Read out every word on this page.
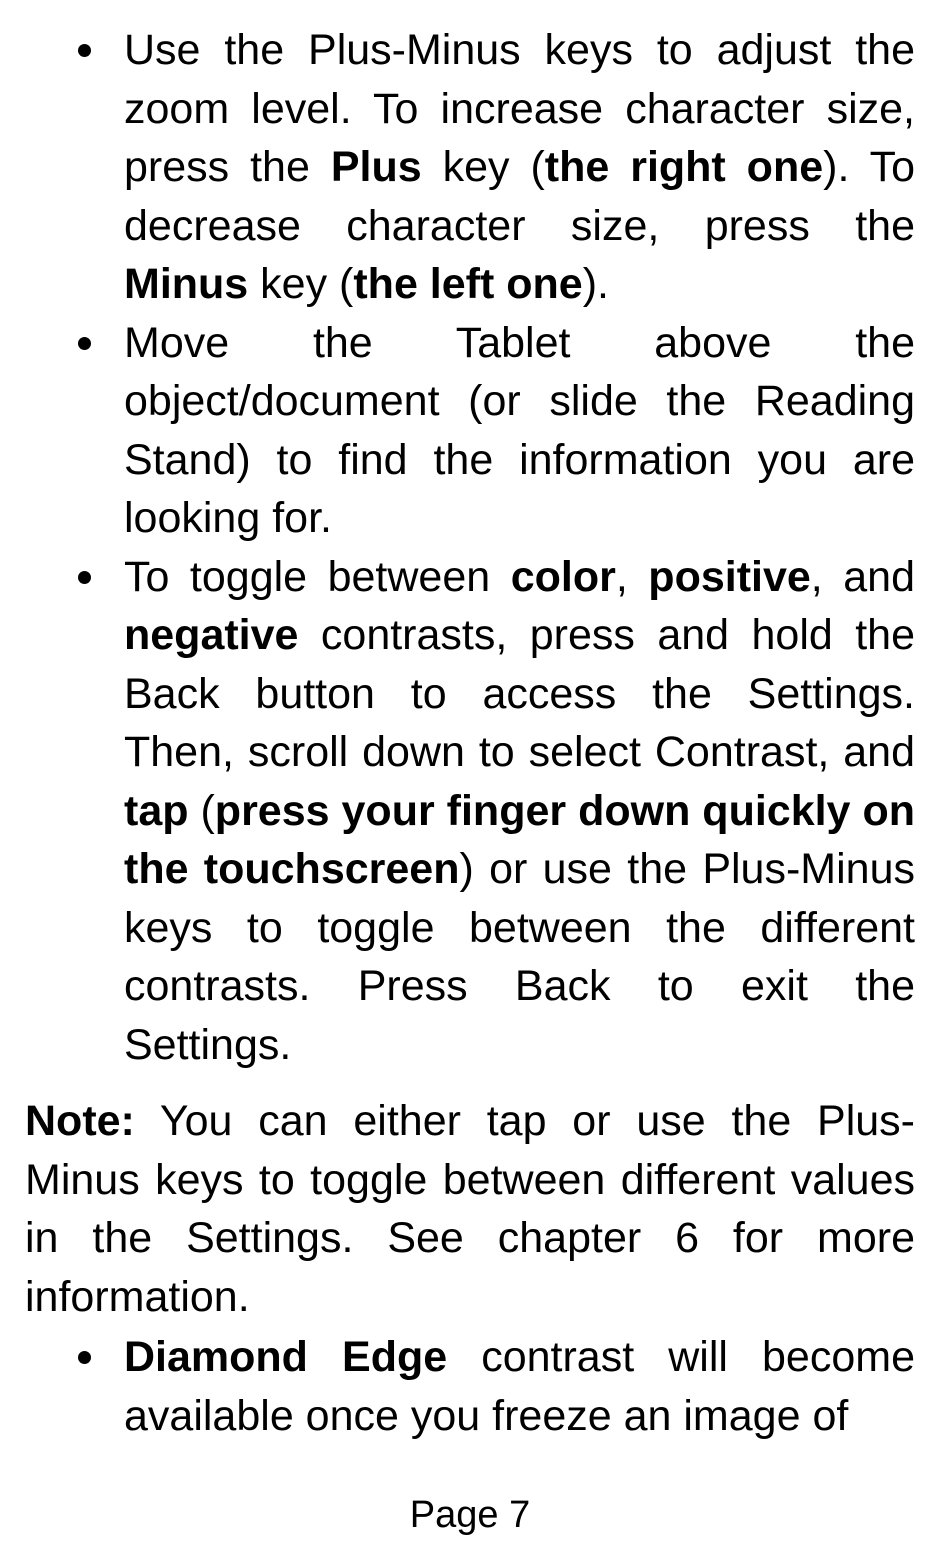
Use the Plus-Minus keys to adjust the zoom level. To increase character size, press the Plus key (the right one). To decrease character size, press the Minus key (the left one).
Move the Tablet above the object/document (or slide the Reading Stand) to find the information you are looking for.
To toggle between color, positive, and negative contrasts, press and hold the Back button to access the Settings. Then, scroll down to select Contrast, and tap (press your finger down quickly on the touchscreen) or use the Plus-Minus keys to toggle between the different contrasts. Press Back to exit the Settings.

Note: You can either tap or use the Plus-Minus keys to toggle between different values in the Settings. See chapter 6 for more information.

Diamond Edge contrast will become available once you freeze an image of
Page 7
